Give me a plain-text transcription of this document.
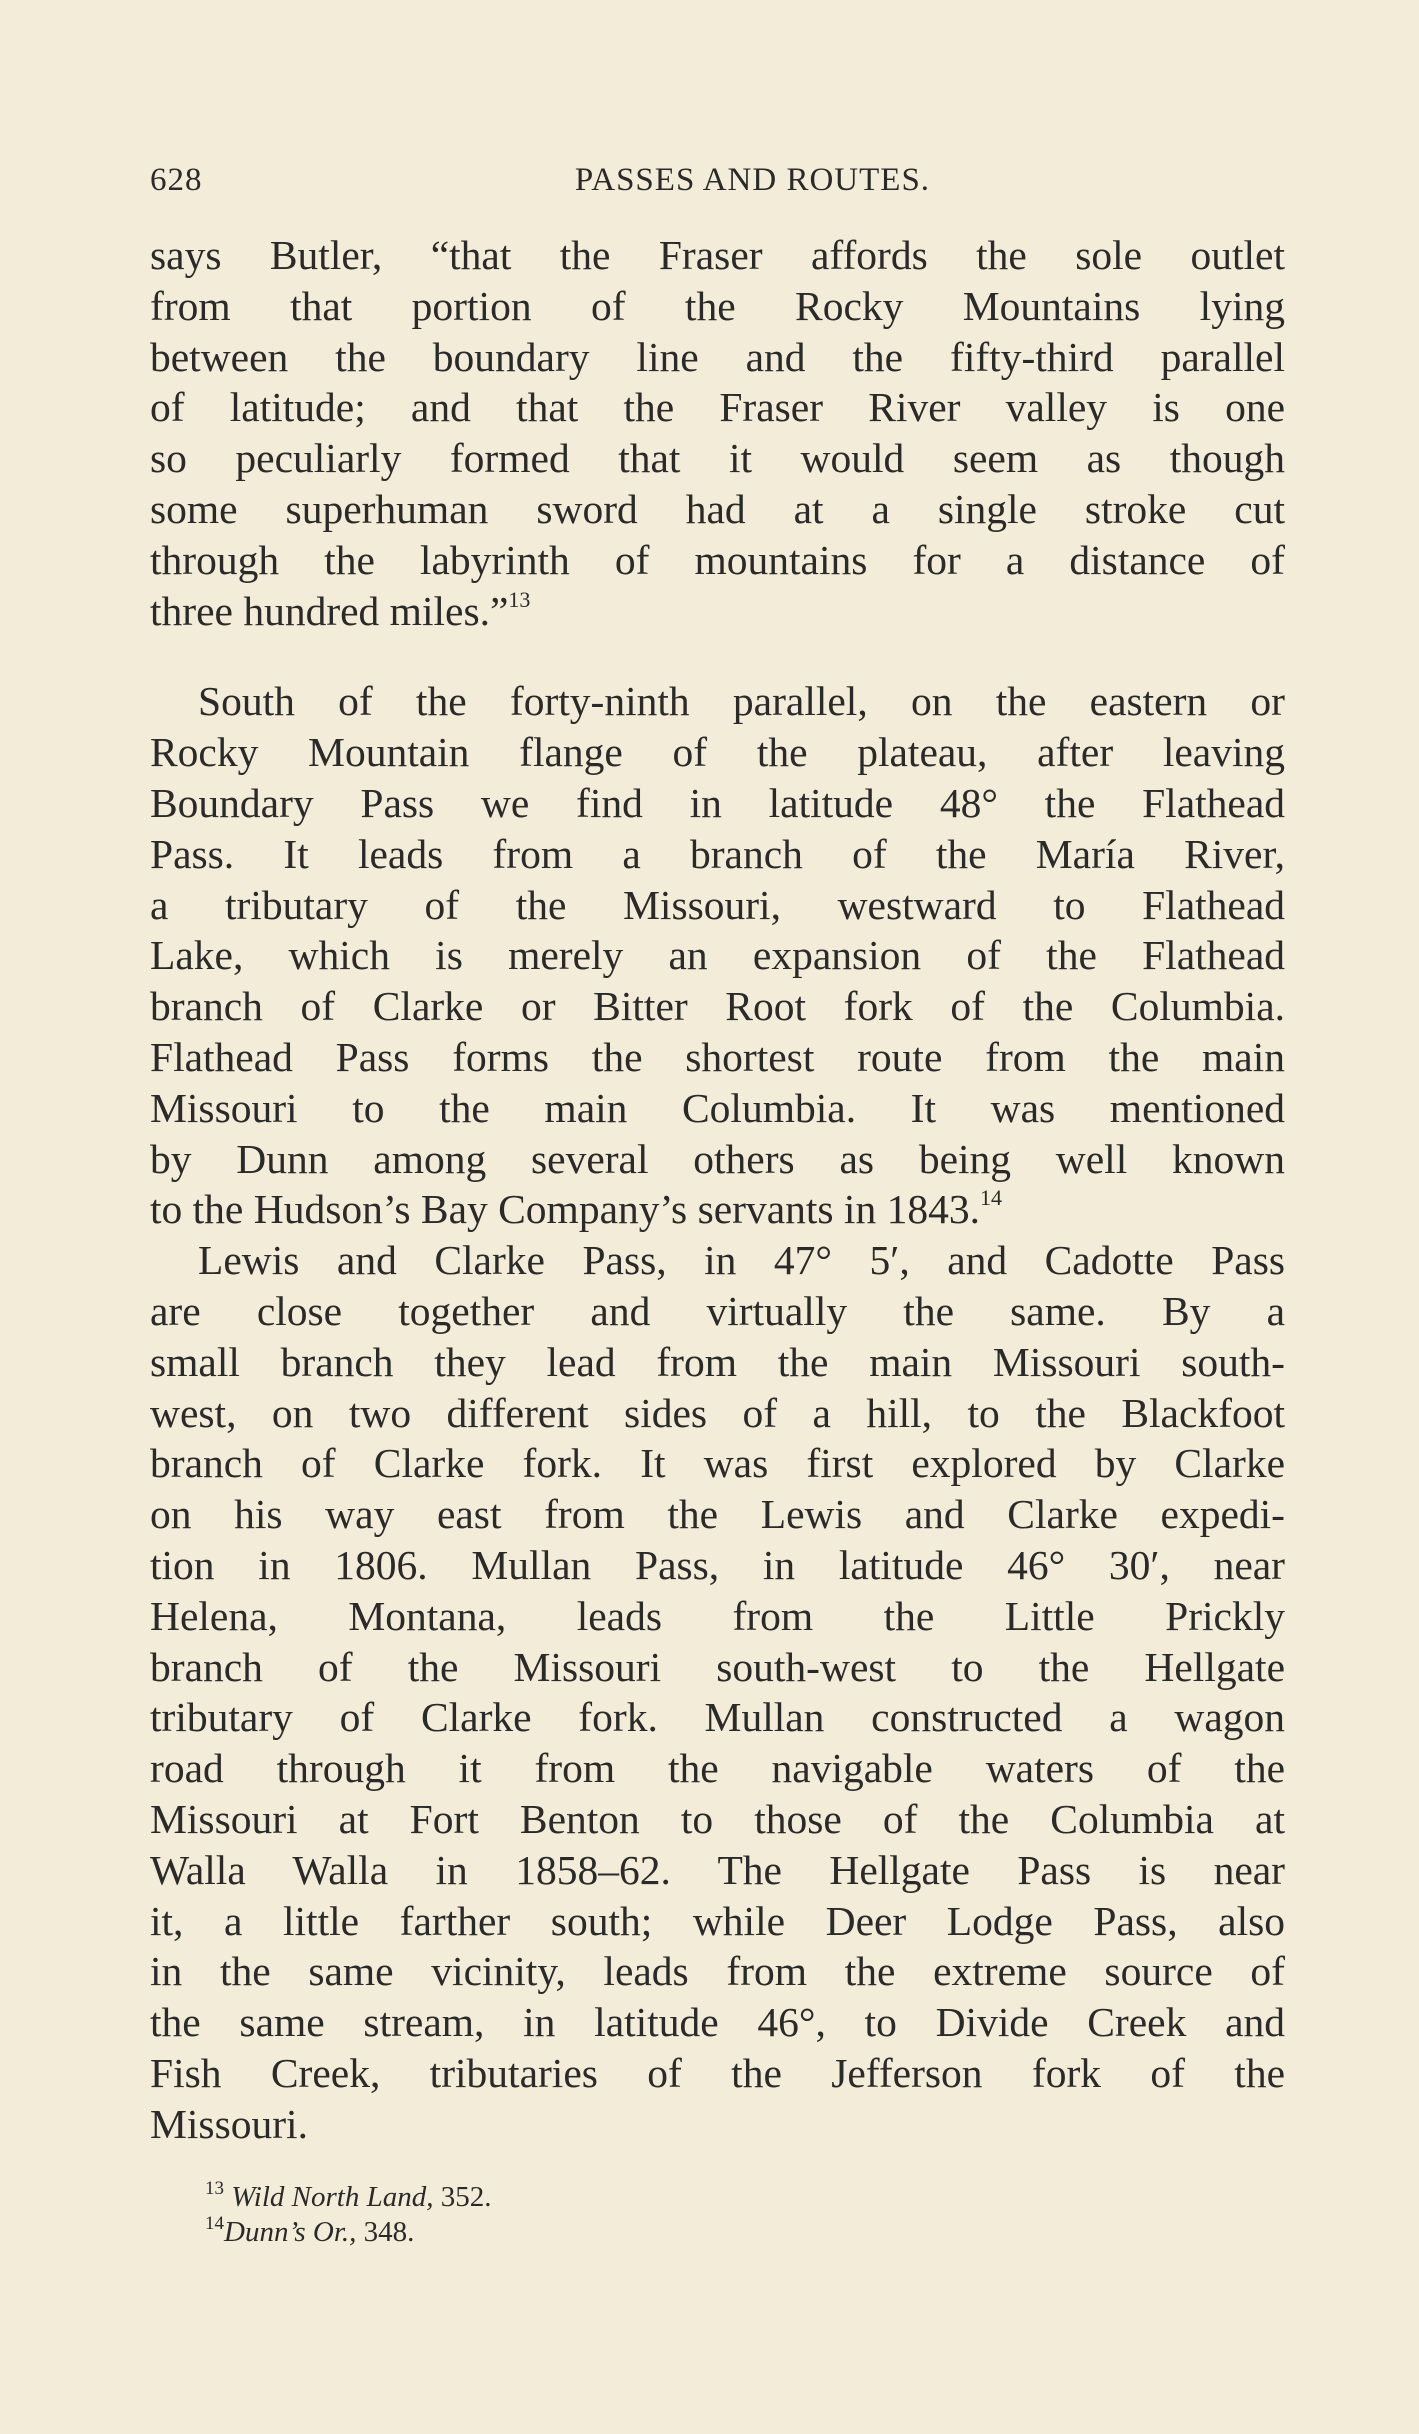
628	PASSES AND ROUTES.
says Butler, “that the Fraser affords the sole outlet
from that portion of the Rocky Mountains lying
between the boundary line and the fifty-third parallel
of latitude; and that the Fraser River valley is one
so peculiarly formed that it would seem as though
some superhuman sword had at a single stroke cut
through the labyrinth of mountains for a distance of
three hundred miles.”$^{13}$
South of the forty-ninth parallel, on the eastern or
Rocky Mountain flange of the plateau, after leaving
Boundary Pass we find in latitude 48° the Flathead
Pass. It leads from a branch of the María River,
a tributary of the Missouri, westward to Flathead
Lake, which is merely an expansion of the Flathead
branch of Clarke or Bitter Root fork of the Columbia.
Flathead Pass forms the shortest route from the main
Missouri to the main Columbia. It was mentioned
by Dunn among several others as being well known
to the Hudson’s Bay Company’s servants in 1843.14
Lewis and Clarke Pass, in 47° 5′, and Cadotte Pass
are close together and virtually the same. By a
small branch they lead from the main Missouri south-
west, on two different sides of a hill, to the Blackfoot
branch of Clarke fork. It was first explored by Clarke
on his way east from the Lewis and Clarke expedi-
tion in 1806. Mullan Pass, in latitude 46° 30′, near
Helena, Montana, leads from the Little Prickly
branch of the Missouri south-west to the Hellgate
tributary of Clarke fork. Mullan constructed a wagon
road through it from the navigable waters of the
Missouri at Fort Benton to those of the Columbia at
Walla Walla in 1858–62. The Hellgate Pass is near
it, a little farther south; while Deer Lodge Pass, also
in the same vicinity, leads from the extreme source of
the same stream, in latitude 46°, to Divide Creek and
Fish Creek, tributaries of the Jefferson fork of the
Missouri.
$^{13}$ Wild North Land, 352.
$^{14}$Dunn’s Or., 348.
